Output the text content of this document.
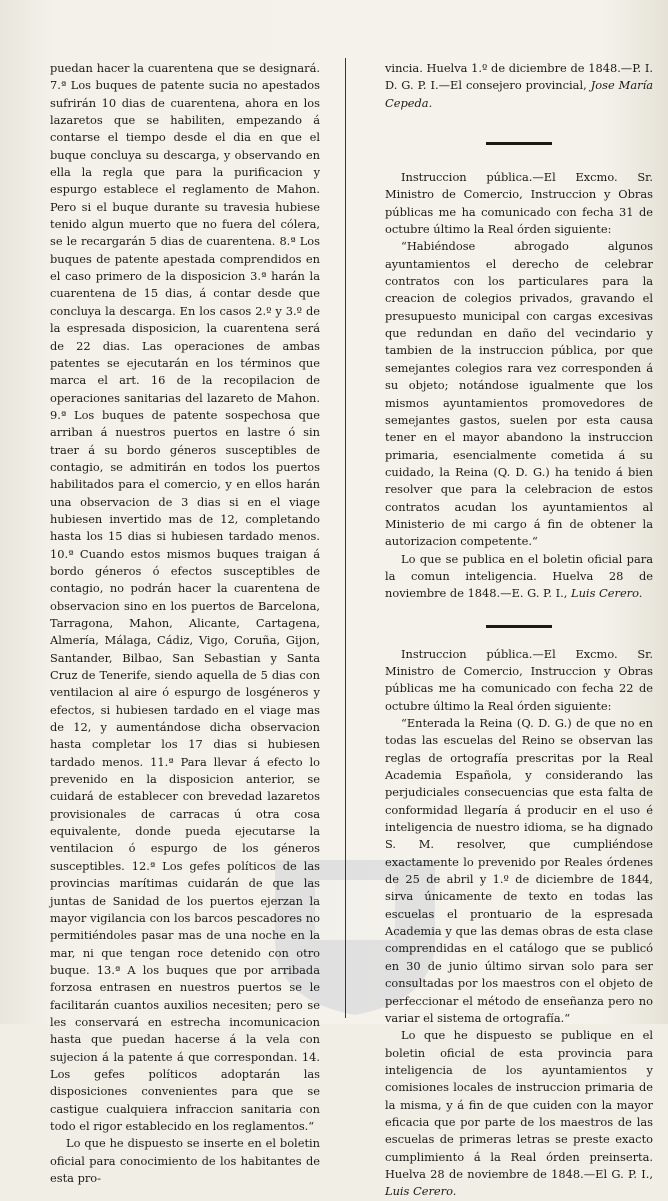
puedan hacer la cuarentena que se designará. 7.ª Los buques de patente sucia no apestados sufrirán 10 dias de cuarentena, ahora en los lazaretos que se habiliten, empezando á contarse el tiempo desde el dia en que el buque concluya su descarga, y observando en ella la regla que para la purificacion y espurgo establece el reglamento de Mahon. Pero si el buque durante su travesia hubiese tenido algun muerto que no fuera del cólera, se le recargarán 5 dias de cuarentena. 8.ª Los buques de patente apestada comprendidos en el caso primero de la disposicion 3.ª harán la cuarentena de 15 dias, á contar desde que concluya la descarga. En los casos 2.º y 3.º de la espresada disposicion, la cuarentena será de 22 dias. Las operaciones de ambas patentes se ejecutarán en los términos que marca el art. 16 de la recopilacion de operaciones sanitarias del lazareto de Mahon. 9.ª Los buques de patente sospechosa que arriban á nuestros puertos en lastre ó sin traer á su bordo géneros susceptibles de contagio, se admitirán en todos los puertos habilitados para el comercio, y en ellos harán una observacion de 3 dias si en el viage hubiesen invertido mas de 12, completando hasta los 15 dias si hubiesen tardado menos. 10.ª Cuando estos mismos buques traigan á bordo géneros ó efectos susceptibles de contagio, no podrán hacer la cuarentena de observacion sino en los puertos de Barcelona, Tarragona, Mahon, Alicante, Cartagena, Almería, Málaga, Cádiz, Vigo, Coruña, Gijon, Santander, Bilbao, San Sebastian y Santa Cruz de Tenerife, siendo aquella de 5 dias con ventilacion al aire ó espurgo de losgéneros y efectos, si hubiesen tardado en el viage mas de 12, y aumentándose dicha observacion hasta completar los 17 dias si hubiesen tardado menos. 11.ª Para llevar á efecto lo prevenido en la disposicion anterior, se cuidará de establecer con brevedad lazaretos provisionales de carracas ú otra cosa equivalente, donde pueda ejecutarse la ventilacion ó espurgo de los géneros susceptibles. 12.ª Los gefes políticos de las provincias marítimas cuidarán de que las juntas de Sanidad de los puertos ejerzan la mayor vigilancia con los barcos pescadores no permitiéndoles pasar mas de una noche en la mar, ni que tengan roce detenido con otro buque. 13.ª A los buques que por arribada forzosa entrasen en nuestros puertos se le facilitarán cuantos auxilios necesiten; pero se les conservará en estrecha incomunicacion hasta que puedan hacerse á la vela con sujecion á la patente á que correspondan. 14. Los gefes políticos adoptarán las disposiciones convenientes para que se castigue cualquiera infraccion sanitaria con todo el rigor establecido en los reglamentos.“

Lo que he dispuesto se inserte en el boletin oficial para conocimiento de los habitantes de esta pro-

vincia. Huelva 1.º de diciembre de 1848.—P. I. D. G. P. I.—El consejero provincial, Jose María Cepeda.

Instruccion pública.—El Excmo. Sr. Ministro de Comercio, Instruccion y Obras públicas me ha comunicado con fecha 31 de octubre último la Real órden siguiente:

“Habiéndose abrogado algunos ayuntamientos el derecho de celebrar contratos con los particulares para la creacion de colegios privados, gravando el presupuesto municipal con cargas excesivas que redundan en daño del vecindario y tambien de la instruccion pública, por que semejantes colegios rara vez corresponden á su objeto; notándose igualmente que los mismos ayuntamientos promovedores de semejantes gastos, suelen por esta causa tener en el mayor abandono la instruccion primaria, esencialmente cometida á su cuidado, la Reina (Q. D. G.) ha tenido á bien resolver que para la celebracion de estos contratos acudan los ayuntamientos al Ministerio de mi cargo á fin de obtener la autorizacion competente.“

Lo que se publica en el boletin oficial para la comun inteligencia. Huelva 28 de noviembre de 1848.—E. G. P. I., Luis Cerero.

Instruccion pública.—El Excmo. Sr. Ministro de Comercio, Instruccion y Obras públicas me ha comunicado con fecha 22 de octubre último la Real órden siguiente:

“Enterada la Reina (Q. D. G.) de que no en todas las escuelas del Reino se observan las reglas de ortografía prescritas por la Real Academia Española, y considerando las perjudiciales consecuencias que esta falta de conformidad llegaría á producir en el uso é inteligencia de nuestro idioma, se ha dignado S. M. resolver, que cumpliéndose exactamente lo prevenido por Reales órdenes de 25 de abril y 1.º de diciembre de 1844, sirva únicamente de texto en todas las escuelas el prontuario de la espresada Academia y que las demas obras de esta clase comprendidas en el catálogo que se publicó en 30 de junio último sirvan solo para ser consultadas por los maestros con el objeto de perfeccionar el método de enseñanza pero no variar el sistema de ortografía.“

Lo que he dispuesto se publique en el boletin oficial de esta provincia para inteligencia de los ayuntamientos y comisiones locales de instruccion primaria de la misma, y á fin de que cuiden con la mayor eficacia que por parte de los maestros de las escuelas de primeras letras se preste exacto cumplimiento á la Real órden preinserta. Huelva 28 de noviembre de 1848.—El G. P. I., Luis Cerero.
